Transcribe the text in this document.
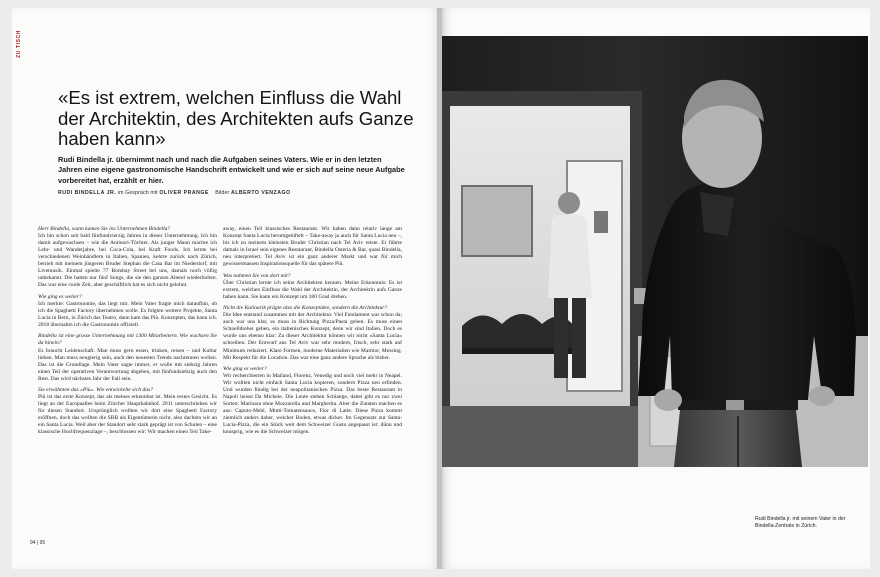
ZU TISCH
«Es ist extrem, welchen Einfluss die Wahl der Architektin, des Architekten aufs Ganze haben kann»

Rudi Bindella jr. übernimmt nach und nach die Aufgaben seines Vaters. Wie er in den letzten Jahren eine eigene gastronomische Handschrift entwickelt und wie er sich auf seine neue Aufgabe vorbereitet hat, erzählt er hier.

RUDI BINDELLA JR. im Gespräch mit OLIVER PRANGE Bilder ALBERTO VENZAGO

Herr Bindella, wann kamen Sie ins Unternehmen Bindella?
Ich bin schon seit bald fünfundvierzig Jahren in dieser Unternehmung. Ich bin damit aufgewachsen – wie die Antinori-Töchter. Als junger Mann machte ich Lehr- und Wanderjahre, bei Coca-Cola, bei Kraft Foods. Ich lernte bei verschiedenen Weinhändlern in Italien, Spanien, kehrte zurück nach Zürich, betrieb mit meinem jüngeren Bruder Stephan die Casa Bar im Niederdorf, mit Livemusik. Einmal spielte 77 Bombay Street bei uns, damals noch völlig unbekannt. Die hatten nur fünf Songs, die sie den ganzen Abend wiederholten. Das war eine coole Zeit, aber geschäftlich hat es sich nicht gelohnt.

Wie ging es weiter?
Ich merkte: Gastronomie, das liegt mir. Mein Vater fragte mich daraufhin, ob ich die Spaghetti Factory übernehmen wolle. Es folgten weitere Projekte, Santa Lucia in Bern, in Zürich das Teatro, dann kam das Più. Konzepten, das kann ich. 2018 übernahm ich die Gastronomie offiziell.

Bindella ist eine grosse Unternehmung mit 1300 Mitarbeitern. Wie wachsen Sie da hinein?
Es braucht Leidenschaft. Man muss gern essen, trinken, reisen – und Kultur lieben. Man muss neugierig sein, auch den neuesten Trends nachrennen wollen. Das ist die Grundlage. Mein Vater sagte immer, er wolle mit siebzig Jahren einen Teil der operativen Verantwortung abgeben, mit fünfundsiebzig auch den Rest. Das wird nächstes Jahr der Fall sein.

Sie erwähnten das «Più». Wie entwickelte sich das?
Più ist das erste Konzept, das als meines erkennbar ist. Mein erstes Gesicht. Es liegt an der Europaallee beim Zürcher Hauptbahnhof. 2011 unterschrieben wir für diesen Standort. Ursprünglich wollten wir dort eine Spaghetti Factory eröffnen, doch das wollten die SBB als Eigentümerin nicht, also dachten wir an ein Santa Lucia. Weil aber der Standort sehr stark geprägt ist von Schulen – eine klassische Hochfrequenzlage –, beschlossen wir: Wir machen einen Teil Take-

away, einen Teil klassisches Restaurant. Wir haben dann relativ lange am Konzept Santa Lucia herumgetüftelt – Take-away ja auch für Santa Lucia neu –, bis ich zu meinem kleinsten Bruder Christian nach Tel Aviv reiste. Er führte damals in Israel sein eigenes Restaurant, Bindella Osteria & Bar, quasi Bindella, neu interpretiert. Tel Aviv ist ein ganz anderer Markt und war für mich gewissermassen Inspirationsquelle für das spätere Più.

Was nahmen Sie von dort mit?
Über Christian lernte ich seine Architekten kennen. Meine Erkenntnis: Es ist extrem, welchen Einfluss die Wahl der Architektin, der Architektin aufs Ganze haben kann. Sie kann ein Konzept um 180 Grad drehen.

Nicht die Kulinarik prägte also die Konzeptidee, sondern die Architektur?
Die Idee entstand zusammen mit der Architektur. Viel Fundament war schon da; auch war uns klar, es muss in Richtung Pizza/Pasta gehen. Es muss einen Schnelldreher geben, ein italienisches Konzept, denn wir sind Italien. Doch es wurde uns ebenso klar: Zu dieser Architektur können wir nicht «Santa Lucia» schreiben. Der Entwurf aus Tel Aviv war sehr modern, frisch, sehr stark auf Minimum reduziert. Klare Formen, moderne Materialien wie Marmor, Messing. Mit Respekt für die Location. Das war eine ganz andere Sprache als bisher.

Wie ging es weiter?
Wir recherchierten in Mailand, Florenz, Venedig und noch viel mehr in Neapel. Wir wollten nicht einfach Santa Lucia kopieren, sondern Pizza neu erfinden. Und wurden fündig bei der neapolitanischen Pizza. Das beste Restaurant in Napoli heisst Da Michele. Die Leute stehen Schlange, dabei gibt es nur zwei Sorten: Marinara ohne Mozzarella und Margherita. Aber die Zutaten machen es aus: Caputo-Mehl, Mutti-Tomatensauce, Fior di Latte. Diese Pizza kommt ziemlich anders daher, weicher Boden, etwas dicker. Im Gegensatz zur Santa-Lucia-Pizza, die ein Stück weit dem Schweizer Gusto angepasst ist: dünn und knusprig, wie es die Schweizer mögen.

94 | 95
Rudi Bindella jr. mit seinem Vater in der Bindella-Zentrale in Zürich.
